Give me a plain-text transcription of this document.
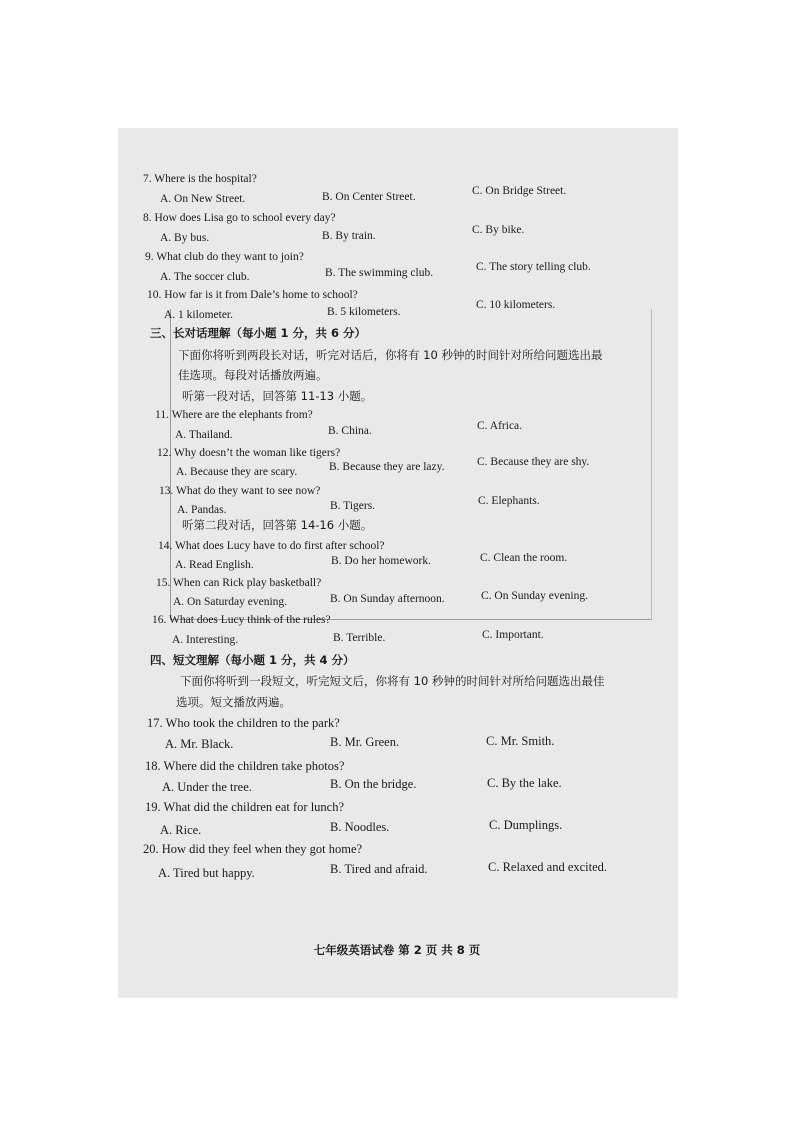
7. Where is the hospital?
A. On New Street.	B. On Center Street.	C. On Bridge Street.
8. How does Lisa go to school every day?
A. By bus.	B. By train.	C. By bike.
9. What club do they want to join?
A. The soccer club.	B. The swimming club.	C. The story telling club.
10. How far is it from Dale’s home to school?
A. 1 kilometer.	B. 5 kilometers.
C. 10 kilometers.
三、长对话理解（每小题 1 分，共 6 分）
下面你将听到两段长对话，听完对话后，你将有 10 秒钟的时间针对所给问题选出最
佳选项。每段对话播放两遍。
听第一段对话，回答第 11-13 小题。
11. Where are the elephants from?
A. Thailand.	B. China.	C. Africa.
12. Why doesn’t the woman like tigers?
A. Because they are scary.	B. Because they are lazy.	C. Because they are shy.
13. What do they want to see now?
A. Pandas.	B. Tigers.	C. Elephants.
听第二段对话，回答第 14-16 小题。
14. What does Lucy have to do first after school?
A. Read English.	B. Do her homework.	C. Clean the room.
15. When can Rick play basketball?
A. On Saturday evening.	B. On Sunday afternoon.	C. On Sunday evening.
16. What does Lucy think of the rules?
A. Interesting.	B. Terrible.	C. Important.
四、短文理解（每小题 1 分，共 4 分）
下面你将听到一段短文，听完短文后，你将有 10 秒钟的时间针对所给问题选出最佳
选项。短文播放两遍。
17. Who took the children to the park?
A. Mr. Black.	B. Mr. Green.	C. Mr. Smith.
18. Where did the children take photos?
A. Under the tree.	B. On the bridge.	C. By the lake.
19. What did the children eat for lunch?
A. Rice.	B. Noodles.	C. Dumplings.
20. How did they feel when they got home?
A. Tired but happy.	B. Tired and afraid.	C. Relaxed and excited.
七年级英语试卷 第 2 页 共 8 页
